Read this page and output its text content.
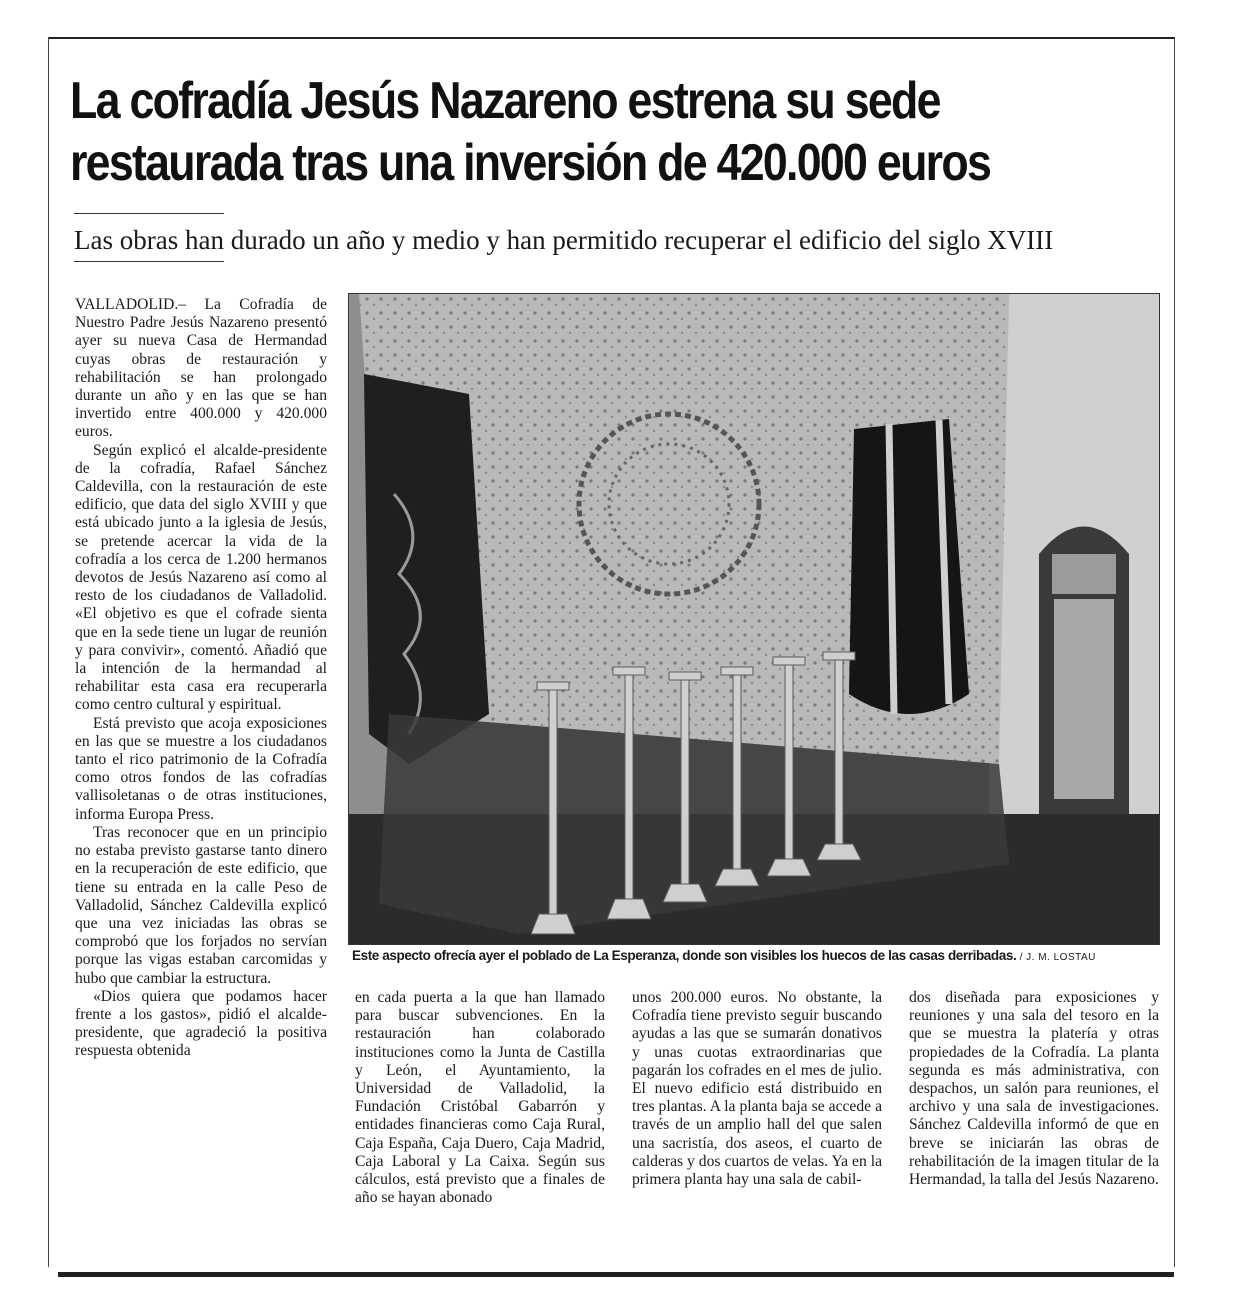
La cofradía Jesús Nazareno estrena su sede
restaurada tras una inversión de 420.000 euros

Las obras han durado un año y medio y han permitido recuperar el edificio del siglo XVIII

VALLADOLID.– La Cofradía de Nuestro Padre Jesús Nazareno presentó ayer su nueva Casa de Hermandad cuyas obras de restauración y rehabilitación se han prolongado durante un año y en las que se han invertido entre 400.000 y 420.000 euros.

Según explicó el alcalde-presidente de la cofradía, Rafael Sánchez Caldevilla, con la restauración de este edificio, que data del siglo XVIII y que está ubicado junto a la iglesia de Jesús, se pretende acercar la vida de la cofradía a los cerca de 1.200 hermanos devotos de Jesús Nazareno así como al resto de los ciudadanos de Valladolid. «El objetivo es que el cofrade sienta que en la sede tiene un lugar de reunión y para convivir», comentó. Añadió que la intención de la hermandad al rehabilitar esta casa era recuperarla como centro cultural y espiritual.

Está previsto que acoja exposiciones en las que se muestre a los ciudadanos tanto el rico patrimonio de la Cofradía como otros fondos de las cofradías vallisoletanas o de otras instituciones, informa Europa Press.

Tras reconocer que en un principio no estaba previsto gastarse tanto dinero en la recuperación de este edificio, que tiene su entrada en la calle Peso de Valladolid, Sánchez Caldevilla explicó que una vez iniciadas las obras se comprobó que los forjados no servían porque las vigas estaban carcomidas y hubo que cambiar la estructura.

«Dios quiera que podamos hacer frente a los gastos», pidió el alcalde-presidente, que agradeció la positiva respuesta obtenida

Este aspecto ofrecía ayer el poblado de La Esperanza, donde son visibles los huecos de las casas derribadas. / J. M. LOSTAU

en cada puerta a la que han llamado para buscar subvenciones. En la restauración han colaborado instituciones como la Junta de Castilla y León, el Ayuntamiento, la Universidad de Valladolid, la Fundación Cristóbal Gabarrón y entidades financieras como Caja Rural, Caja España, Caja Duero, Caja Madrid, Caja Laboral y La Caixa. Según sus cálculos, está previsto que a finales de año se hayan abonado

unos 200.000 euros. No obstante, la Cofradía tiene previsto seguir buscando ayudas a las que se sumarán donativos y unas cuotas extraordinarias que pagarán los cofrades en el mes de julio. El nuevo edificio está distribuido en tres plantas. A la planta baja se accede a través de un amplio hall del que salen una sacristía, dos aseos, el cuarto de calderas y dos cuartos de velas. Ya en la primera planta hay una sala de cabil-

dos diseñada para exposiciones y reuniones y una sala del tesoro en la que se muestra la platería y otras propiedades de la Cofradía. La planta segunda es más administrativa, con despachos, un salón para reuniones, el archivo y una sala de investigaciones. Sánchez Caldevilla informó de que en breve se iniciarán las obras de rehabilitación de la imagen titular de la Hermandad, la talla del Jesús Nazareno.
